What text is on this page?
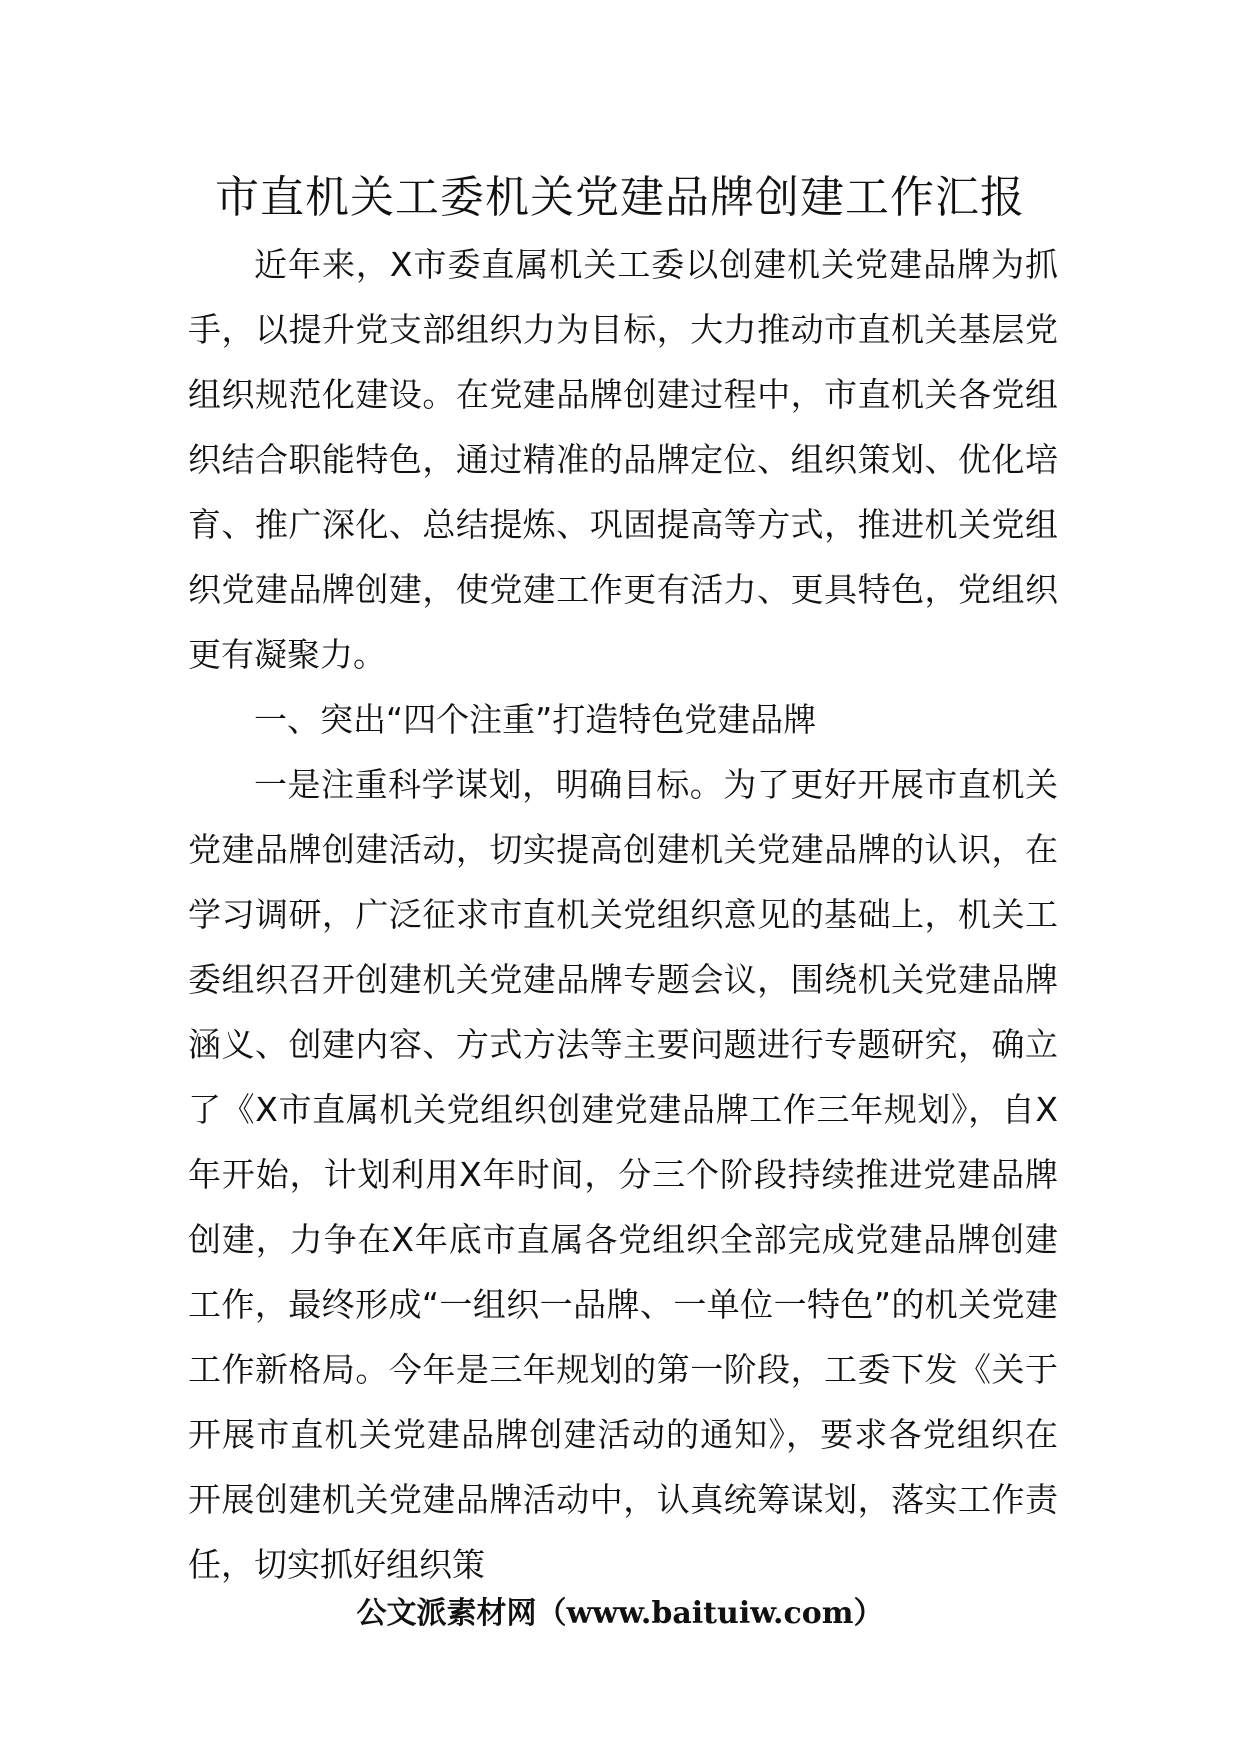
市直机关工委机关党建品牌创建工作汇报

近年来，X市委直属机关工委以创建机关党建品牌为抓手，以提升党支部组织力为目标，大力推动市直机关基层党组织规范化建设。在党建品牌创建过程中，市直机关各党组织结合职能特色，通过精准的品牌定位、组织策划、优化培育、推广深化、总结提炼、巩固提高等方式，推进机关党组织党建品牌创建，使党建工作更有活力、更具特色，党组织更有凝聚力。

一、突出“四个注重”打造特色党建品牌

一是注重科学谋划，明确目标。为了更好开展市直机关党建品牌创建活动，切实提高创建机关党建品牌的认识，在学习调研，广泛征求市直机关党组织意见的基础上，机关工委组织召开创建机关党建品牌专题会议，围绕机关党建品牌涵义、创建内容、方式方法等主要问题进行专题研究，确立了《X市直属机关党组织创建党建品牌工作三年规划》，自X年开始，计划利用X年时间，分三个阶段持续推进党建品牌创建，力争在X年底市直属各党组织全部完成党建品牌创建工作，最终形成“一组织一品牌、一单位一特色”的机关党建工作新格局。今年是三年规划的第一阶段，工委下发《关于开展市直机关党建品牌创建活动的通知》，要求各党组织在开展创建机关党建品牌活动中，认真统筹谋划，落实工作责任，切实抓好组织策

公文派素材网（www.baituiw.com）
